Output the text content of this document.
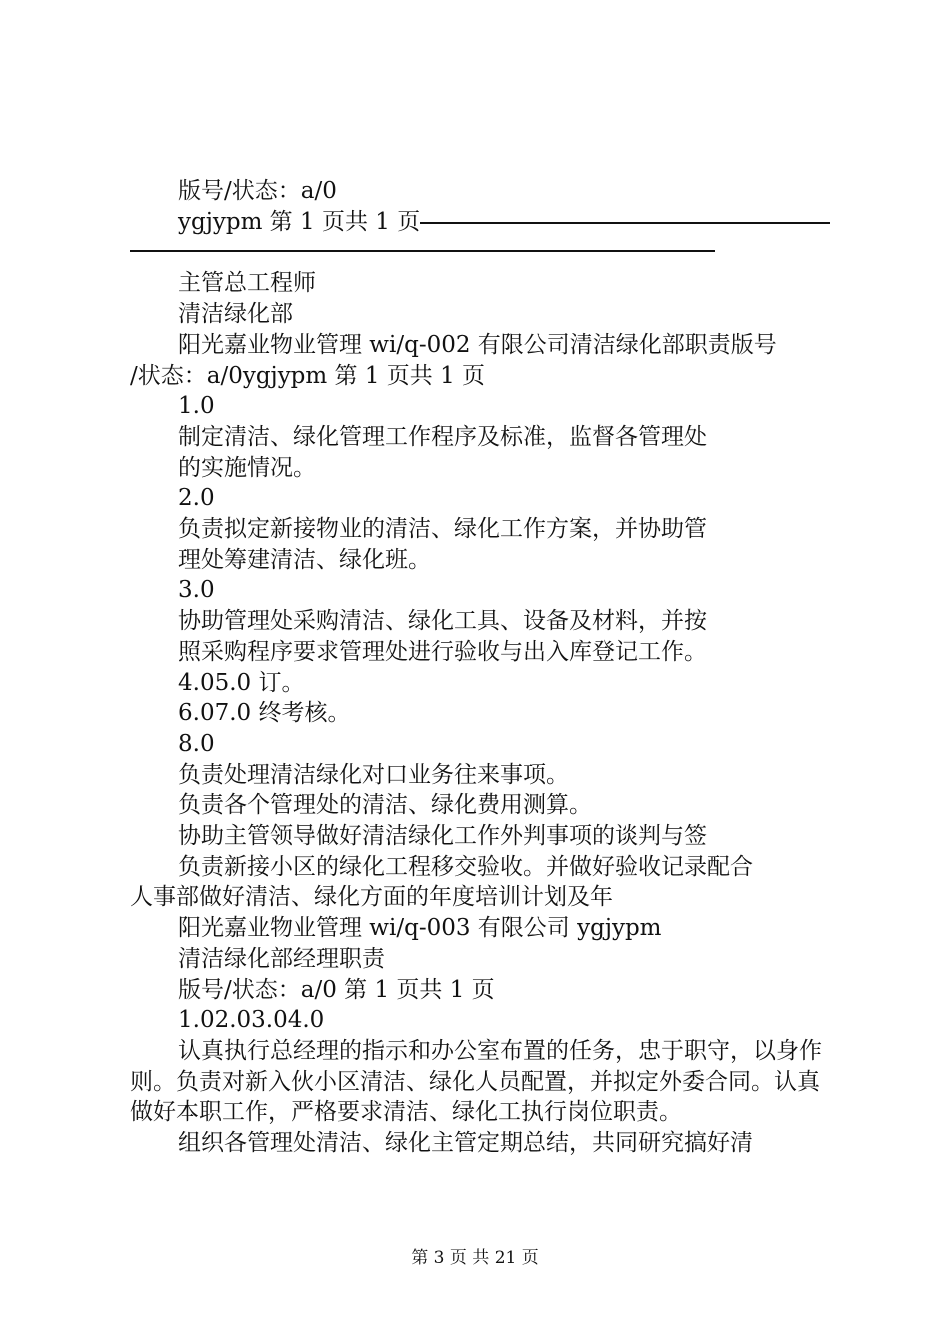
版号/状态：a/0

ygjypm 第 1 页共 1 页

主管总工程师

清洁绿化部

阳光嘉业物业管理 wi/q-002 有限公司清洁绿化部职责版号

/状态：a/0ygjypm 第 1 页共 1 页

1.0

制定清洁、绿化管理工作程序及标准，监督各管理处

的实施情况。

2.0

负责拟定新接物业的清洁、绿化工作方案，并协助管

理处筹建清洁、绿化班。

3.0

协助管理处采购清洁、绿化工具、设备及材料，并按

照采购程序要求管理处进行验收与出入库登记工作。

4.05.0 订。

6.07.0 终考核。

8.0

负责处理清洁绿化对口业务往来事项。

负责各个管理处的清洁、绿化费用测算。

协助主管领导做好清洁绿化工作外判事项的谈判与签

负责新接小区的绿化工程移交验收。并做好验收记录配合

人事部做好清洁、绿化方面的年度培训计划及年

阳光嘉业物业管理 wi/q-003 有限公司 ygjypm

清洁绿化部经理职责

版号/状态：a/0 第 1 页共 1 页

1.02.03.04.0

认真执行总经理的指示和办公室布置的任务，忠于职守，以身作则。负责对新入伙小区清洁、绿化人员配置，并拟定外委合同。认真做好本职工作，严格要求清洁、绿化工执行岗位职责。

组织各管理处清洁、绿化主管定期总结，共同研究搞好清

第 3 页 共 21 页
